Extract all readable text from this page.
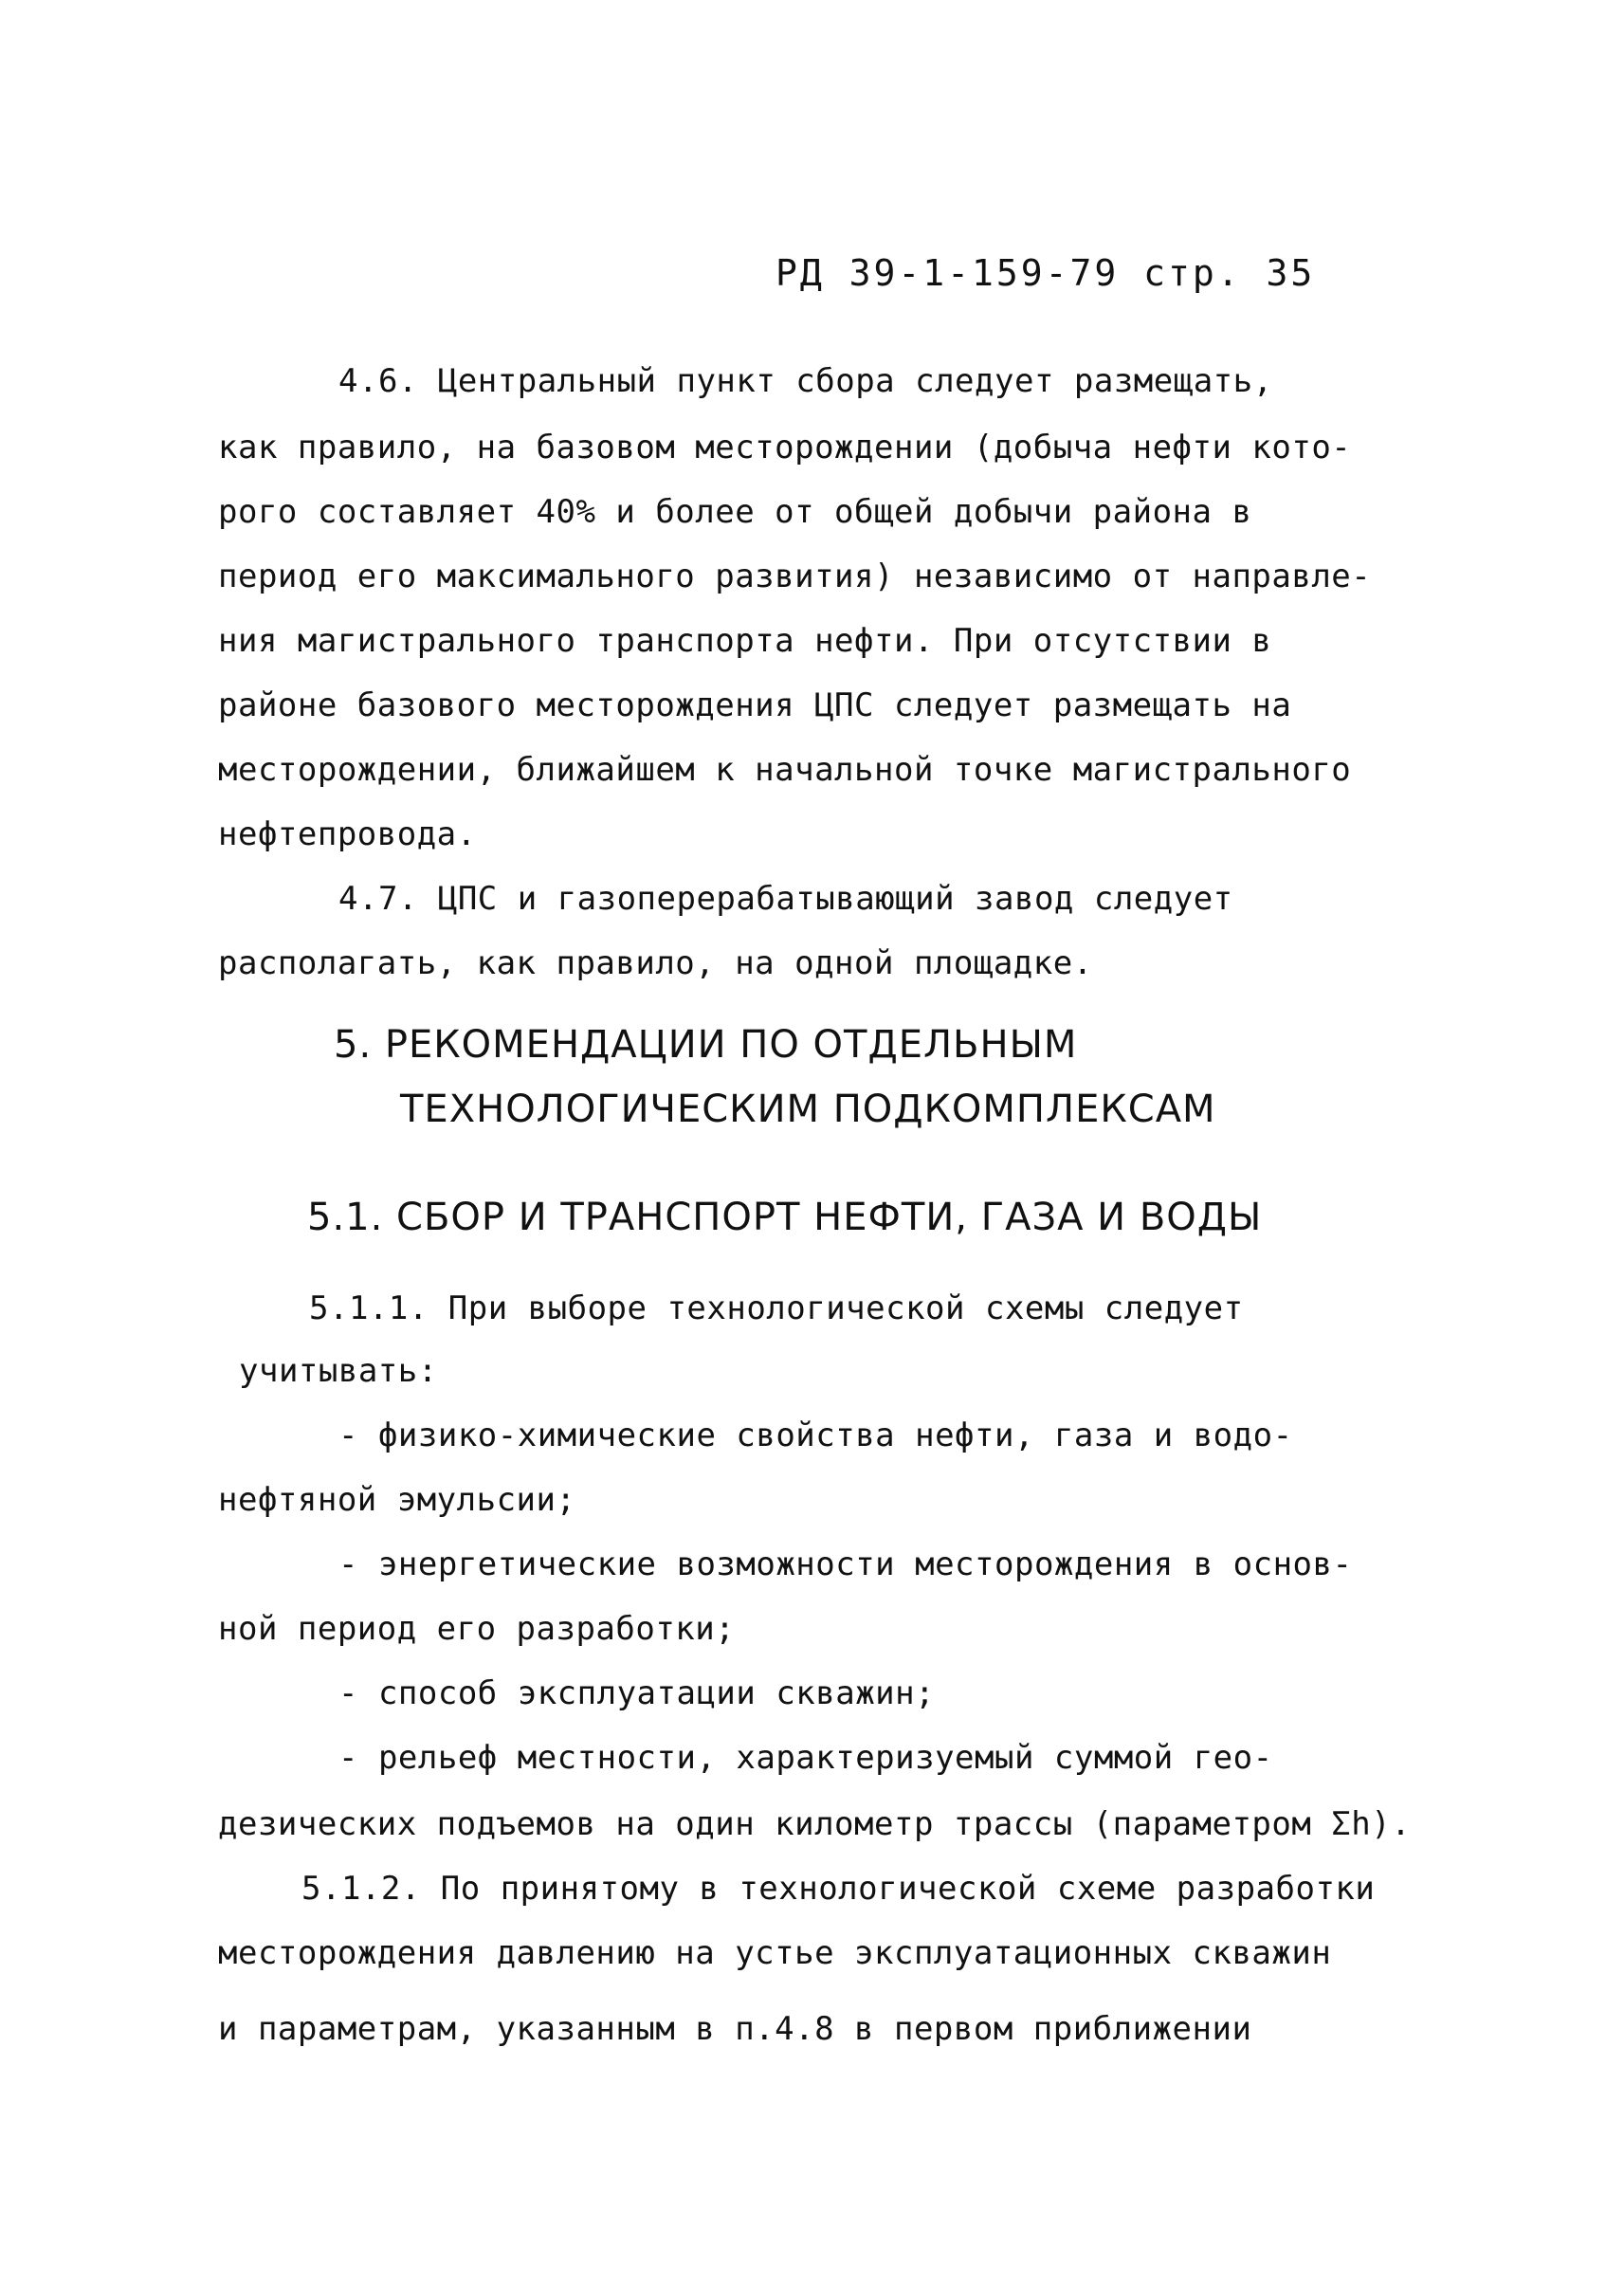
РД 39-1-159-79 стр. 35
4.6. Центральный пункт сбора следует размещать,
как правило, на базовом месторождении (добыча нефти кото-
рого составляет 40% и более от общей добычи района в
период его максимального развития) независимо от направле-
ния магистрального транспорта нефти. При отсутствии в
районе базового месторождения ЦПС следует размещать на
месторождении, ближайшем к начальной точке магистрального
нефтепровода.
4.7. ЦПС и газоперерабатывающий завод следует
располагать, как правило, на одной площадке.
5. РЕКОМЕНДАЦИИ ПО ОТДЕЛЬНЫМ
ТЕХНОЛОГИЧЕСКИМ ПОДКОМПЛЕКСАМ
5.1. СБОР И ТРАНСПОРТ НЕФТИ, ГАЗА И ВОДЫ
5.1.1. При выборе технологической схемы следует
учитывать:
- физико-химические свойства нефти, газа и водо-
нефтяной эмульсии;
- энергетические возможности месторождения в основ-
ной период его разработки;
- способ эксплуатации скважин;
- рельеф местности, характеризуемый суммой гео-
дезических подъемов на один километр трассы (параметром Σh).
5.1.2. По принятому в технологической схеме разработки
месторождения давлению на устье эксплуатационных скважин
и параметрам, указанным в п.4.8 в первом приближении
